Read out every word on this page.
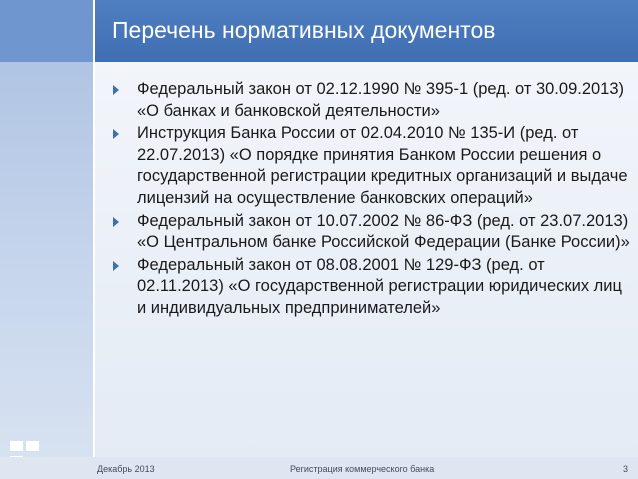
Перечень нормативных документов
Федеральный закон от 02.12.1990 № 395-1 (ред. от 30.09.2013) «О банках и банковской деятельности»
Инструкция Банка России от 02.04.2010 № 135-И (ред. от 22.07.2013) «О порядке принятия Банком России решения о государственной регистрации кредитных организаций и выдаче лицензий на осуществление банковских операций»
Федеральный закон от 10.07.2002 № 86-ФЗ (ред. от 23.07.2013) «О Центральном банке Российской Федерации (Банке России)»
Федеральный закон от 08.08.2001 № 129-ФЗ (ред. от 02.11.2013) «О государственной регистрации юридических лиц и индивидуальных предпринимателей»
Декабрь 2013	Регистрация коммерческого банка	3
